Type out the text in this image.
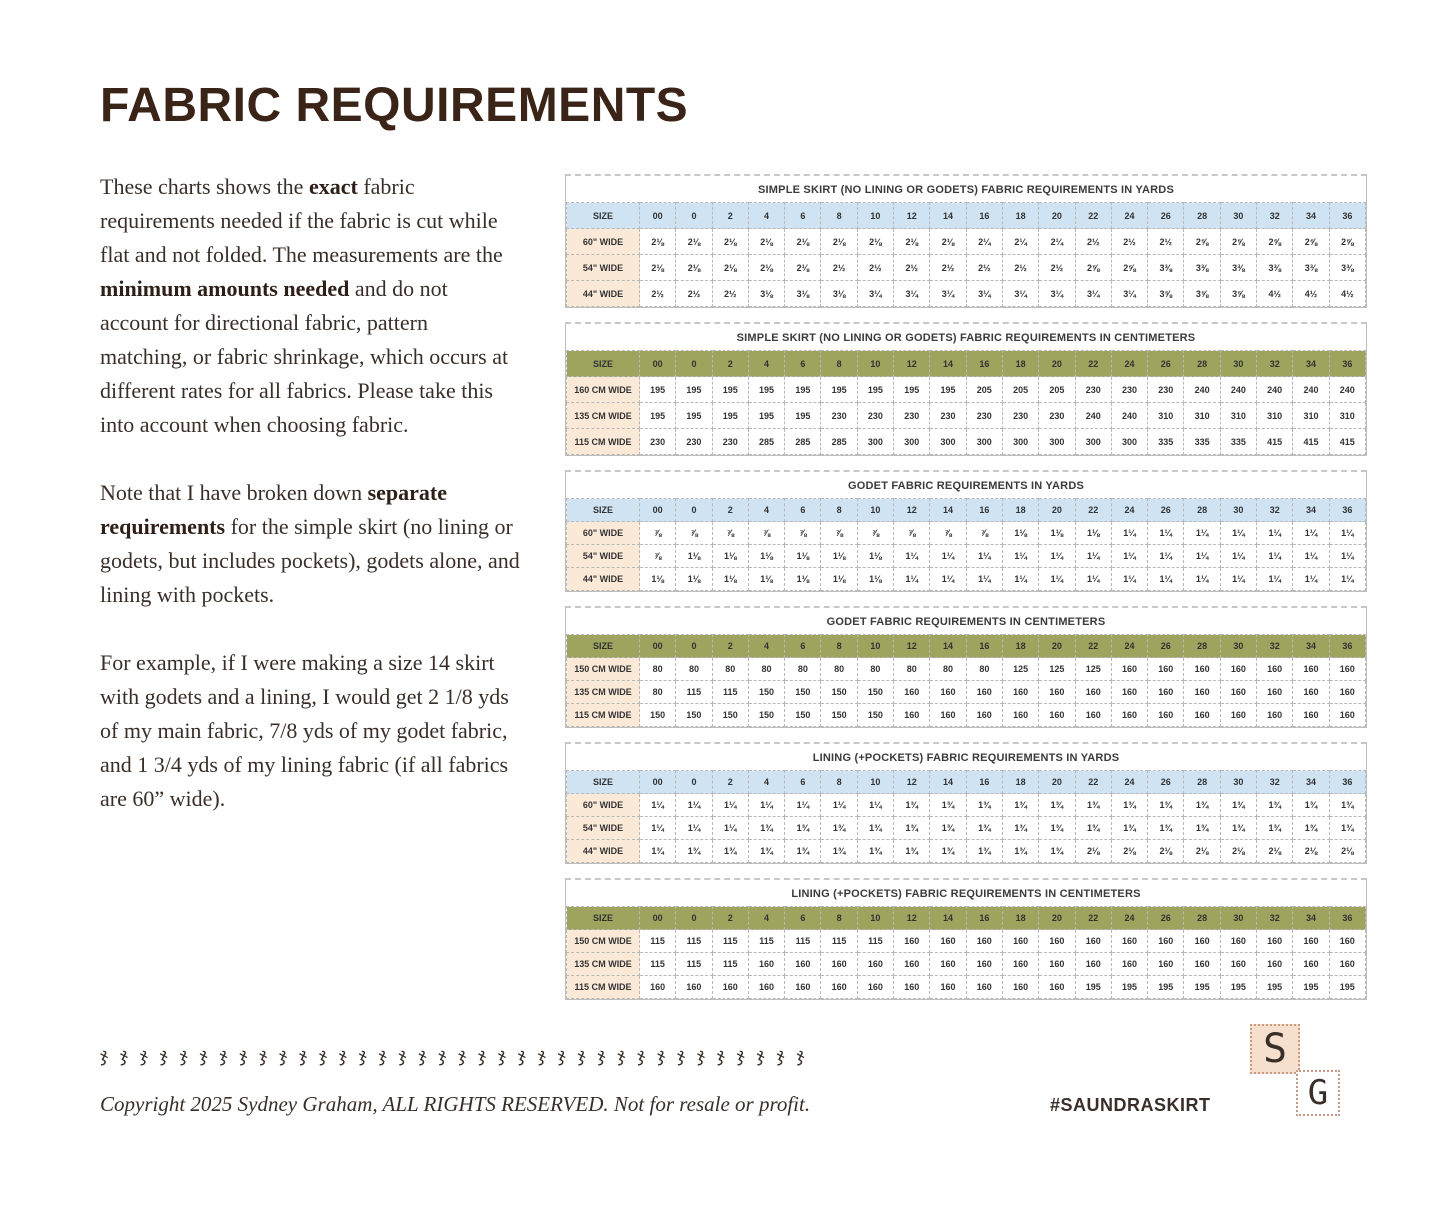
FABRIC REQUIREMENTS

These charts shows the exact fabric requirements needed if the fabric is cut while flat and not folded. The measurements are the minimum amounts needed and do not account for directional fabric, pattern matching, or fabric shrinkage, which occurs at different rates for all fabrics. Please take this into account when choosing fabric.

Note that I have broken down separate requirements for the simple skirt (no lining or godets, but includes pockets), godets alone, and lining with pockets.

For example, if I were making a size 14 skirt with godets and a lining, I would get 2 1/8 yds of my main fabric, 7/8 yds of my godet fabric, and 1 3/4 yds of my lining fabric (if all fabrics are 60” wide).

SIMPLE SKIRT (NO LINING OR GODETS) FABRIC REQUIREMENTS IN YARDS
SIZE	00	0	2	4	6	8	10	12	14	16	18	20	22	24	26	28	30	32	34	36
60" WIDE	2⅛	2⅛	2⅛	2⅛	2⅛	2⅛	2⅛	2⅛	2⅛	2¼	2¼	2¼	2½	2½	2½	2⅝	2⅝	2⅝	2⅝	2⅝
54" WIDE	2⅛	2⅛	2⅛	2⅛	2⅛	2½	2½	2½	2½	2½	2½	2½	2⅝	2⅝	3⅜	3⅜	3⅜	3⅜	3⅜	3⅜
44" WIDE	2½	2½	2½	3⅛	3⅛	3⅛	3¼	3¼	3¼	3¼	3¼	3¼	3¼	3¼	3⅝	3⅝	3⅝	4½	4½	4½
SIMPLE SKIRT (NO LINING OR GODETS) FABRIC REQUIREMENTS IN CENTIMETERS
SIZE	00	0	2	4	6	8	10	12	14	16	18	20	22	24	26	28	30	32	34	36
160 CM WIDE	195	195	195	195	195	195	195	195	195	205	205	205	230	230	230	240	240	240	240	240
135 CM WIDE	195	195	195	195	195	230	230	230	230	230	230	230	240	240	310	310	310	310	310	310
115 CM WIDE	230	230	230	285	285	285	300	300	300	300	300	300	300	300	335	335	335	415	415	415
GODET FABRIC REQUIREMENTS IN YARDS
SIZE	00	0	2	4	6	8	10	12	14	16	18	20	22	24	26	28	30	32	34	36
60" WIDE	⅞	⅞	⅞	⅞	⅞	⅞	⅞	⅞	⅞	⅞	1⅛	1⅛	1⅛	1¼	1¼	1¼	1¼	1¼	1¼	1¼
54" WIDE	⅞	1⅛	1⅛	1⅛	1⅛	1⅛	1⅛	1¼	1¼	1¼	1¼	1¼	1¼	1¼	1¼	1¼	1¼	1¼	1¼	1¼
44" WIDE	1⅛	1⅛	1⅛	1⅛	1⅛	1⅛	1⅛	1¼	1¼	1¼	1¼	1¼	1¼	1¼	1¼	1¼	1¼	1¼	1¼	1¼
GODET FABRIC REQUIREMENTS IN CENTIMETERS
SIZE	00	0	2	4	6	8	10	12	14	16	18	20	22	24	26	28	30	32	34	36
150 CM WIDE	80	80	80	80	80	80	80	80	80	80	125	125	125	160	160	160	160	160	160	160
135 CM WIDE	80	115	115	150	150	150	150	160	160	160	160	160	160	160	160	160	160	160	160	160
115 CM WIDE	150	150	150	150	150	150	150	160	160	160	160	160	160	160	160	160	160	160	160	160
LINING (+POCKETS) FABRIC REQUIREMENTS IN YARDS
SIZE	00	0	2	4	6	8	10	12	14	16	18	20	22	24	26	28	30	32	34	36
60" WIDE	1¼	1¼	1¼	1¼	1¼	1¼	1¼	1¾	1¾	1¾	1¾	1¾	1¾	1¾	1¾	1¾	1¾	1¾	1¾	1¾
54" WIDE	1¼	1¼	1¼	1¾	1¾	1¾	1¾	1¾	1¾	1¾	1¾	1¾	1¾	1¾	1¾	1¾	1¾	1¾	1¾	1¾
44" WIDE	1¾	1¾	1¾	1¾	1¾	1¾	1¾	1¾	1¾	1¾	1¾	1¾	2⅛	2⅛	2⅛	2⅛	2⅛	2⅛	2⅛	2⅛
LINING (+POCKETS) FABRIC REQUIREMENTS IN CENTIMETERS
SIZE	00	0	2	4	6	8	10	12	14	16	18	20	22	24	26	28	30	32	34	36
150 CM WIDE	115	115	115	115	115	115	115	160	160	160	160	160	160	160	160	160	160	160	160	160
135 CM WIDE	115	115	115	160	160	160	160	160	160	160	160	160	160	160	160	160	160	160	160	160
115 CM WIDE	160	160	160	160	160	160	160	160	160	160	160	160	195	195	195	195	195	195	195	195
ჯ ჯ ჯ ჯ ჯ ჯ ჯ ჯ ჯ ჯ ჯ ჯ ჯ ჯ ჯ ჯ ჯ ჯ ჯ ჯ ჯ ჯ ჯ ჯ ჯ ჯ ჯ ჯ ჯ ჯ ჯ ჯ ჯ ჯ ჯ ჯ
Copyright 2025 Sydney Graham, ALL RIGHTS RESERVED. Not for resale or profit.	#SAUNDRASKIRT
S
G
